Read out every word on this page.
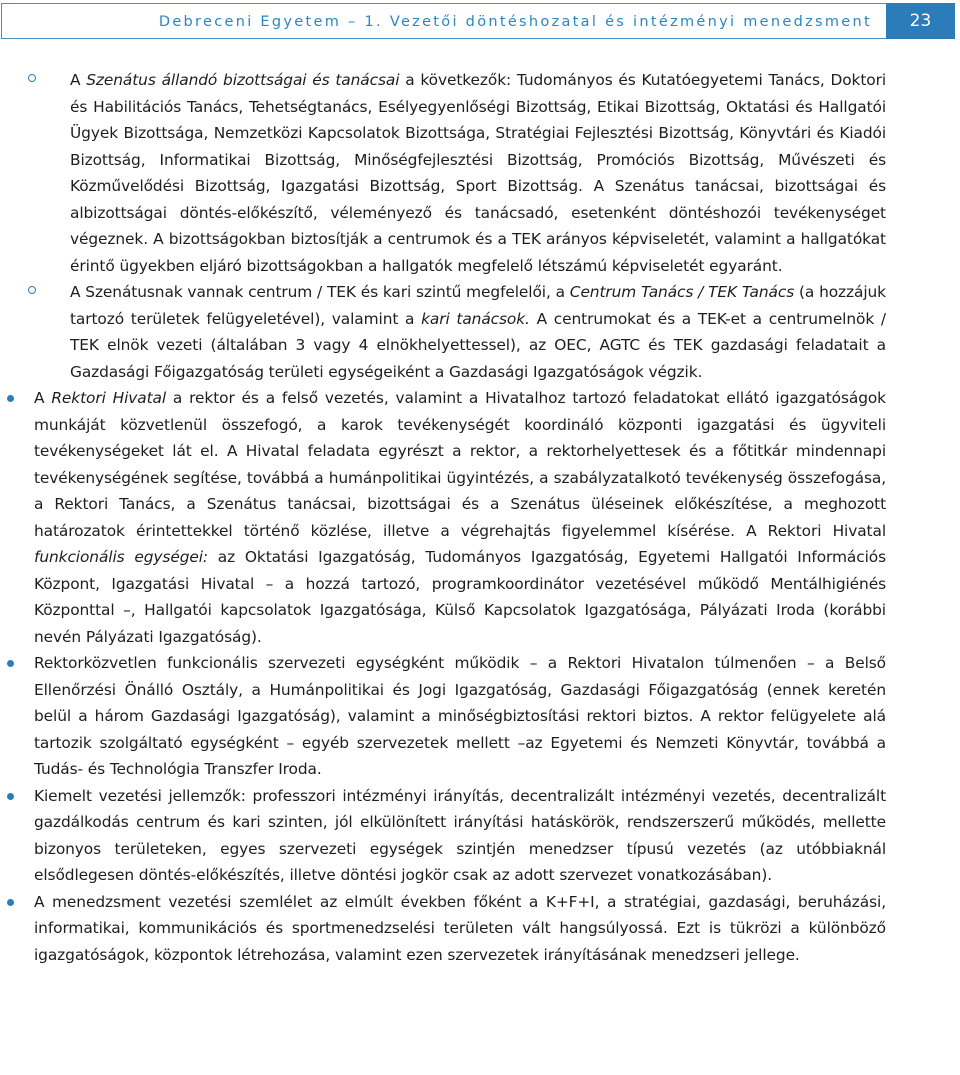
Debreceni Egyetem – 1. Vezetői döntéshozatal és intézményi menedzsment	23

A Szenátus állandó bizottságai és tanácsai a következők: Tudományos és Kutatóegyetemi Tanács, Doktori és Habilitációs Tanács, Tehetségtanács, Esélyegyenlőségi Bizottság, Etikai Bizottság, Oktatási és Hallgatói Ügyek Bizottsága, Nemzetközi Kapcsolatok Bizottsága, Stratégiai Fejlesztési Bizottság, Könyvtári és Kiadói Bizottság, Informatikai Bizottság, Minőségfejlesztési Bizottság, Promóciós Bizottság, Művészeti és Közművelődési Bizottság, Igazgatási Bizottság, Sport Bizottság. A Szenátus tanácsai, bizottságai és albizottságai döntés-előkészítő, véleményező és tanácsadó, esetenként döntéshozói tevékenységet végeznek. A bizottságokban biztosítják a centrumok és a TEK arányos képviseletét, valamint a hallgatókat érintő ügyekben eljáró bizottságokban a hallgatók megfelelő létszámú képviseletét egyaránt.

A Szenátusnak vannak centrum / TEK és kari szintű megfelelői, a Centrum Tanács / TEK Tanács (a hozzájuk tartozó területek felügyeletével), valamint a kari tanácsok. A centrumokat és a TEK-et a centrumelnök / TEK elnök vezeti (általában 3 vagy 4 elnökhelyettessel), az OEC, AGTC és TEK gazdasági feladatait a Gazdasági Főigazgatóság területi egységeiként a Gazdasági Igazgatóságok végzik.

A Rektori Hivatal a rektor és a felső vezetés, valamint a Hivatalhoz tartozó feladatokat ellátó igazgatóságok munkáját közvetlenül összefogó, a karok tevékenységét koordináló központi igazgatási és ügyviteli tevékenységeket lát el. A Hivatal feladata egyrészt a rektor, a rektorhelyettesek és a főtitkár mindennapi tevékenységének segítése, továbbá a humánpolitikai ügyintézés, a szabályzatalkotó tevékenység összefogása, a Rektori Tanács, a Szenátus tanácsai, bizottságai és a Szenátus üléseinek előkészítése, a meghozott határozatok érintettekkel történő közlése, illetve a végrehajtás figyelemmel kísérése. A Rektori Hivatal funkcionális egységei: az Oktatási Igazgatóság, Tudományos Igazgatóság, Egyetemi Hallgatói Információs Központ, Igazgatási Hivatal – a hozzá tartozó, programkoordinátor vezetésével működő Mentálhigiénés Központtal –, Hallgatói kapcsolatok Igazgatósága, Külső Kapcsolatok Igazgatósága, Pályázati Iroda (korábbi nevén Pályázati Igazgatóság).

Rektorközvetlen funkcionális szervezeti egységként működik – a Rektori Hivatalon túlmenően – a Belső Ellenőrzési Önálló Osztály, a Humánpolitikai és Jogi Igazgatóság, Gazdasági Főigazgatóság (ennek keretén belül a három Gazdasági Igazgatóság), valamint a minőségbiztosítási rektori biztos. A rektor felügyelete alá tartozik szolgáltató egységként – egyéb szervezetek mellett –az Egyetemi és Nemzeti Könyvtár, továbbá a Tudás- és Technológia Transzfer Iroda.

Kiemelt vezetési jellemzők: professzori intézményi irányítás, decentralizált intézményi vezetés, decentralizált gazdálkodás centrum és kari szinten, jól elkülönített irányítási hatáskörök, rendszerszerű működés, mellette bizonyos területeken, egyes szervezeti egységek szintjén menedzser típusú vezetés (az utóbbiaknál elsődlegesen döntés-előkészítés, illetve döntési jogkör csak az adott szervezet vonatkozásában).

A menedzsment vezetési szemlélet az elmúlt években főként a K+F+I, a stratégiai, gazdasági, beruházási, informatikai, kommunikációs és sportmenedzselési területen vált hangsúlyossá. Ezt is tükrözi a különböző igazgatóságok, központok létrehozása, valamint ezen szervezetek irányításának menedzseri jellege.
